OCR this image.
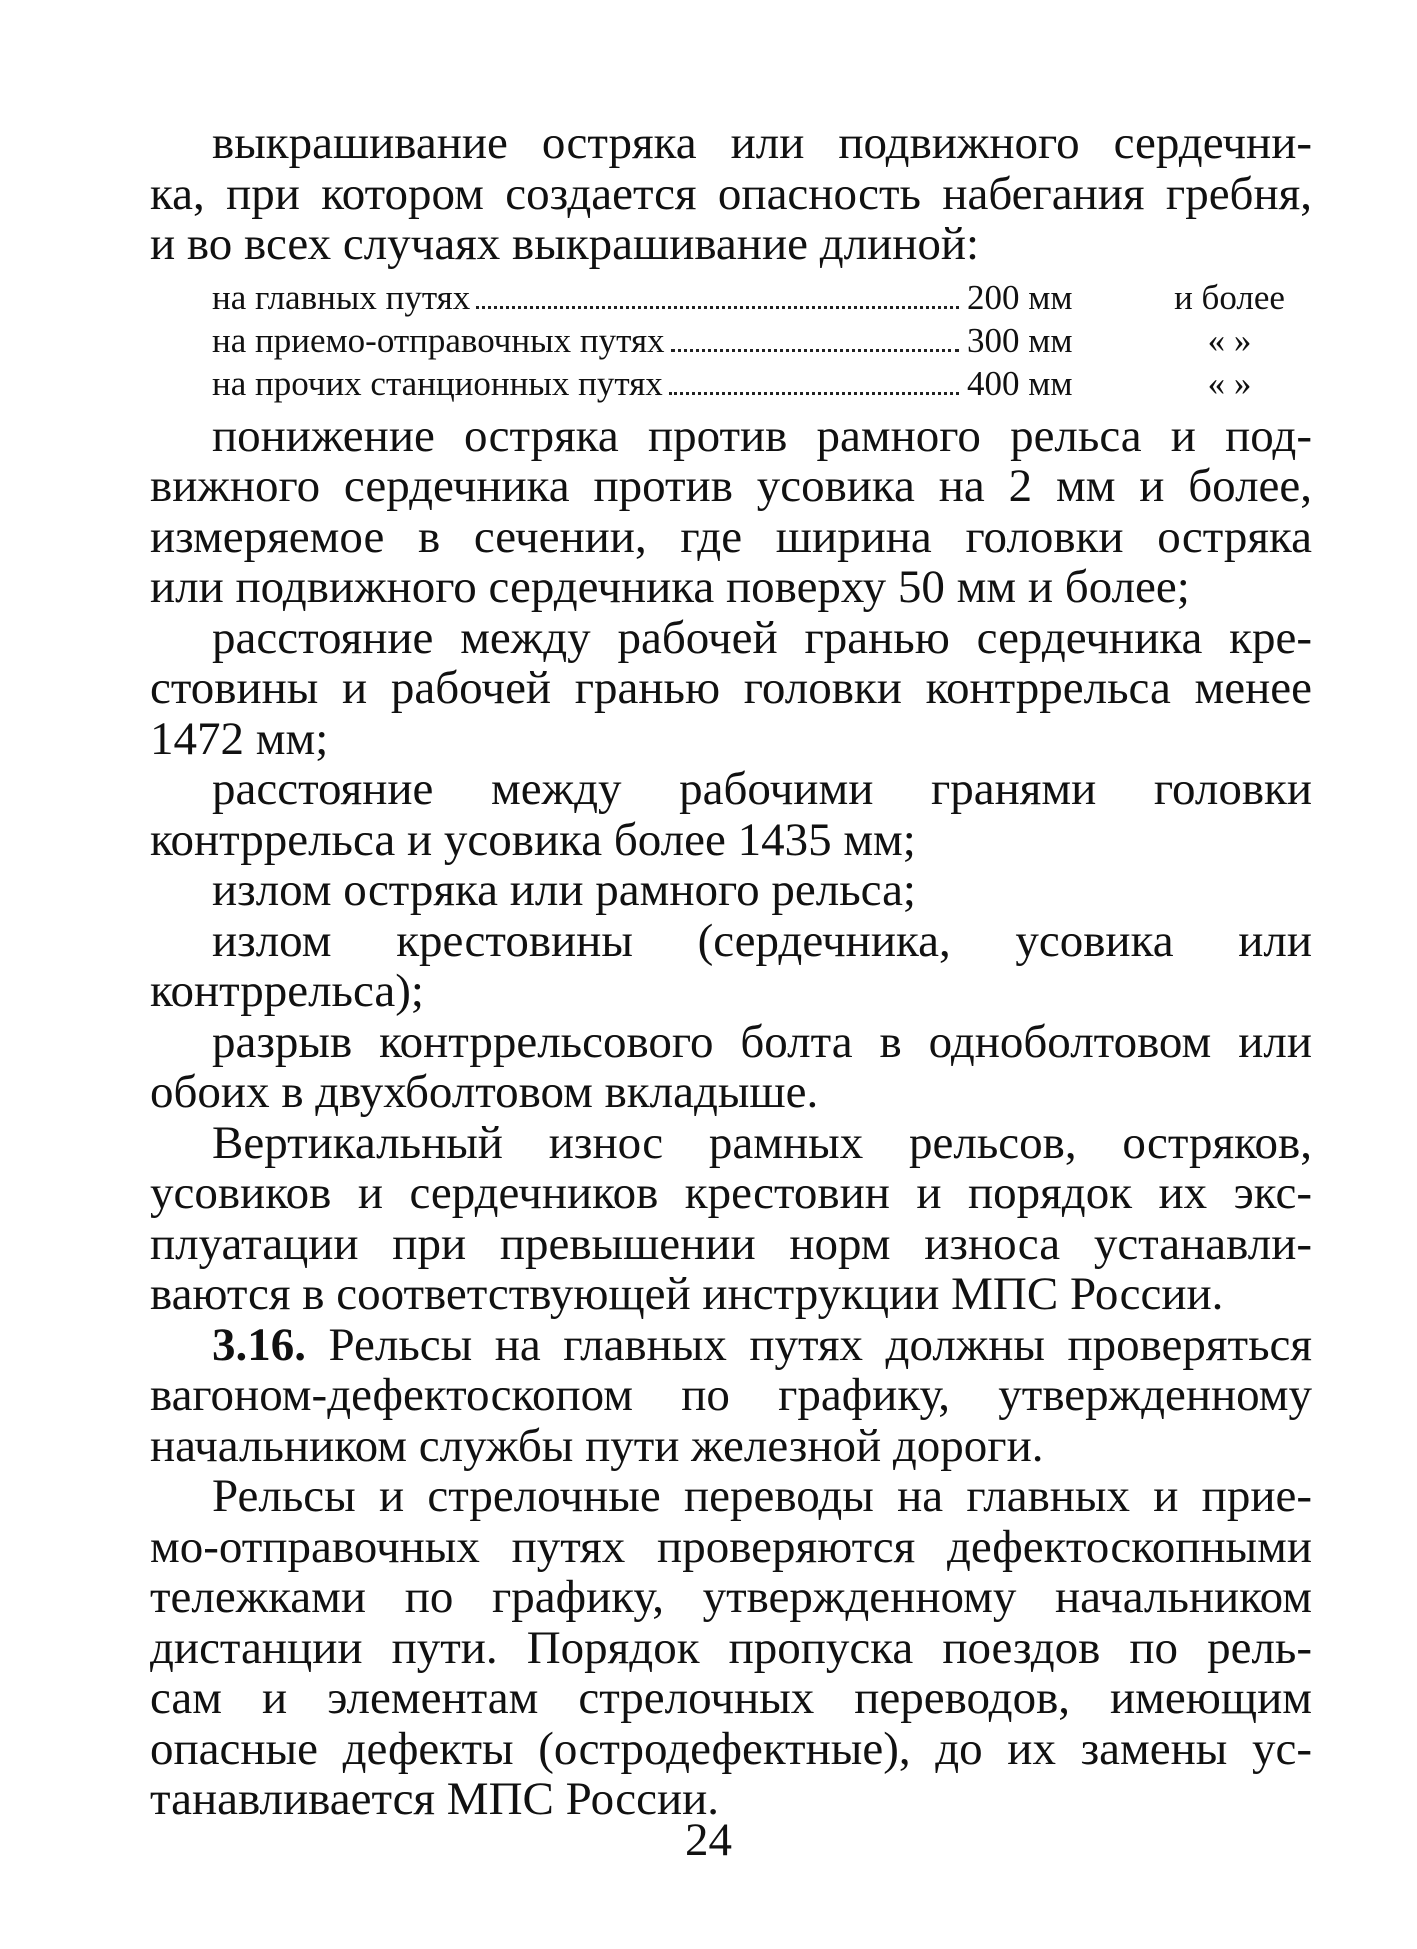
выкрашивание остряка или подвижного сердечни-
ка, при котором создается опасность набегания гребня,
и во всех случаях выкрашивание длиной:
на главных путях	200 мм	и более
на приемо-отправочных путях	300 мм	« »
на прочих станционных путях	400 мм	« »
понижение остряка против рамного рельса и под-
вижного сердечника против усовика на 2 мм и более,
измеряемое в сечении, где ширина головки остряка
или подвижного сердечника поверху 50 мм и более;
расстояние между рабочей гранью сердечника кре-
стовины и рабочей гранью головки контррельса менее
1472 мм;
расстояние между рабочими гранями головки
контррельса и усовика более 1435 мм;
излом остряка или рамного рельса;
излом крестовины (сердечника, усовика или
контррельса);
разрыв контррельсового болта в одноболтовом или
обоих в двухболтовом вкладыше.
Вертикальный износ рамных рельсов, остряков,
усовиков и сердечников крестовин и порядок их экс-
плуатации при превышении норм износа устанавли-
ваются в соответствующей инструкции МПС России.
3.16. Рельсы на главных путях должны проверяться
вагоном-дефектоскопом по графику, утвержденному
начальником службы пути железной дороги.
Рельсы и стрелочные переводы на главных и прие-
мо-отправочных путях проверяются дефектоскопными
тележками по графику, утвержденному начальником
дистанции пути. Порядок пропуска поездов по рель-
сам и элементам стрелочных переводов, имеющим
опасные дефекты (остродефектные), до их замены ус-
танавливается МПС России.
24
